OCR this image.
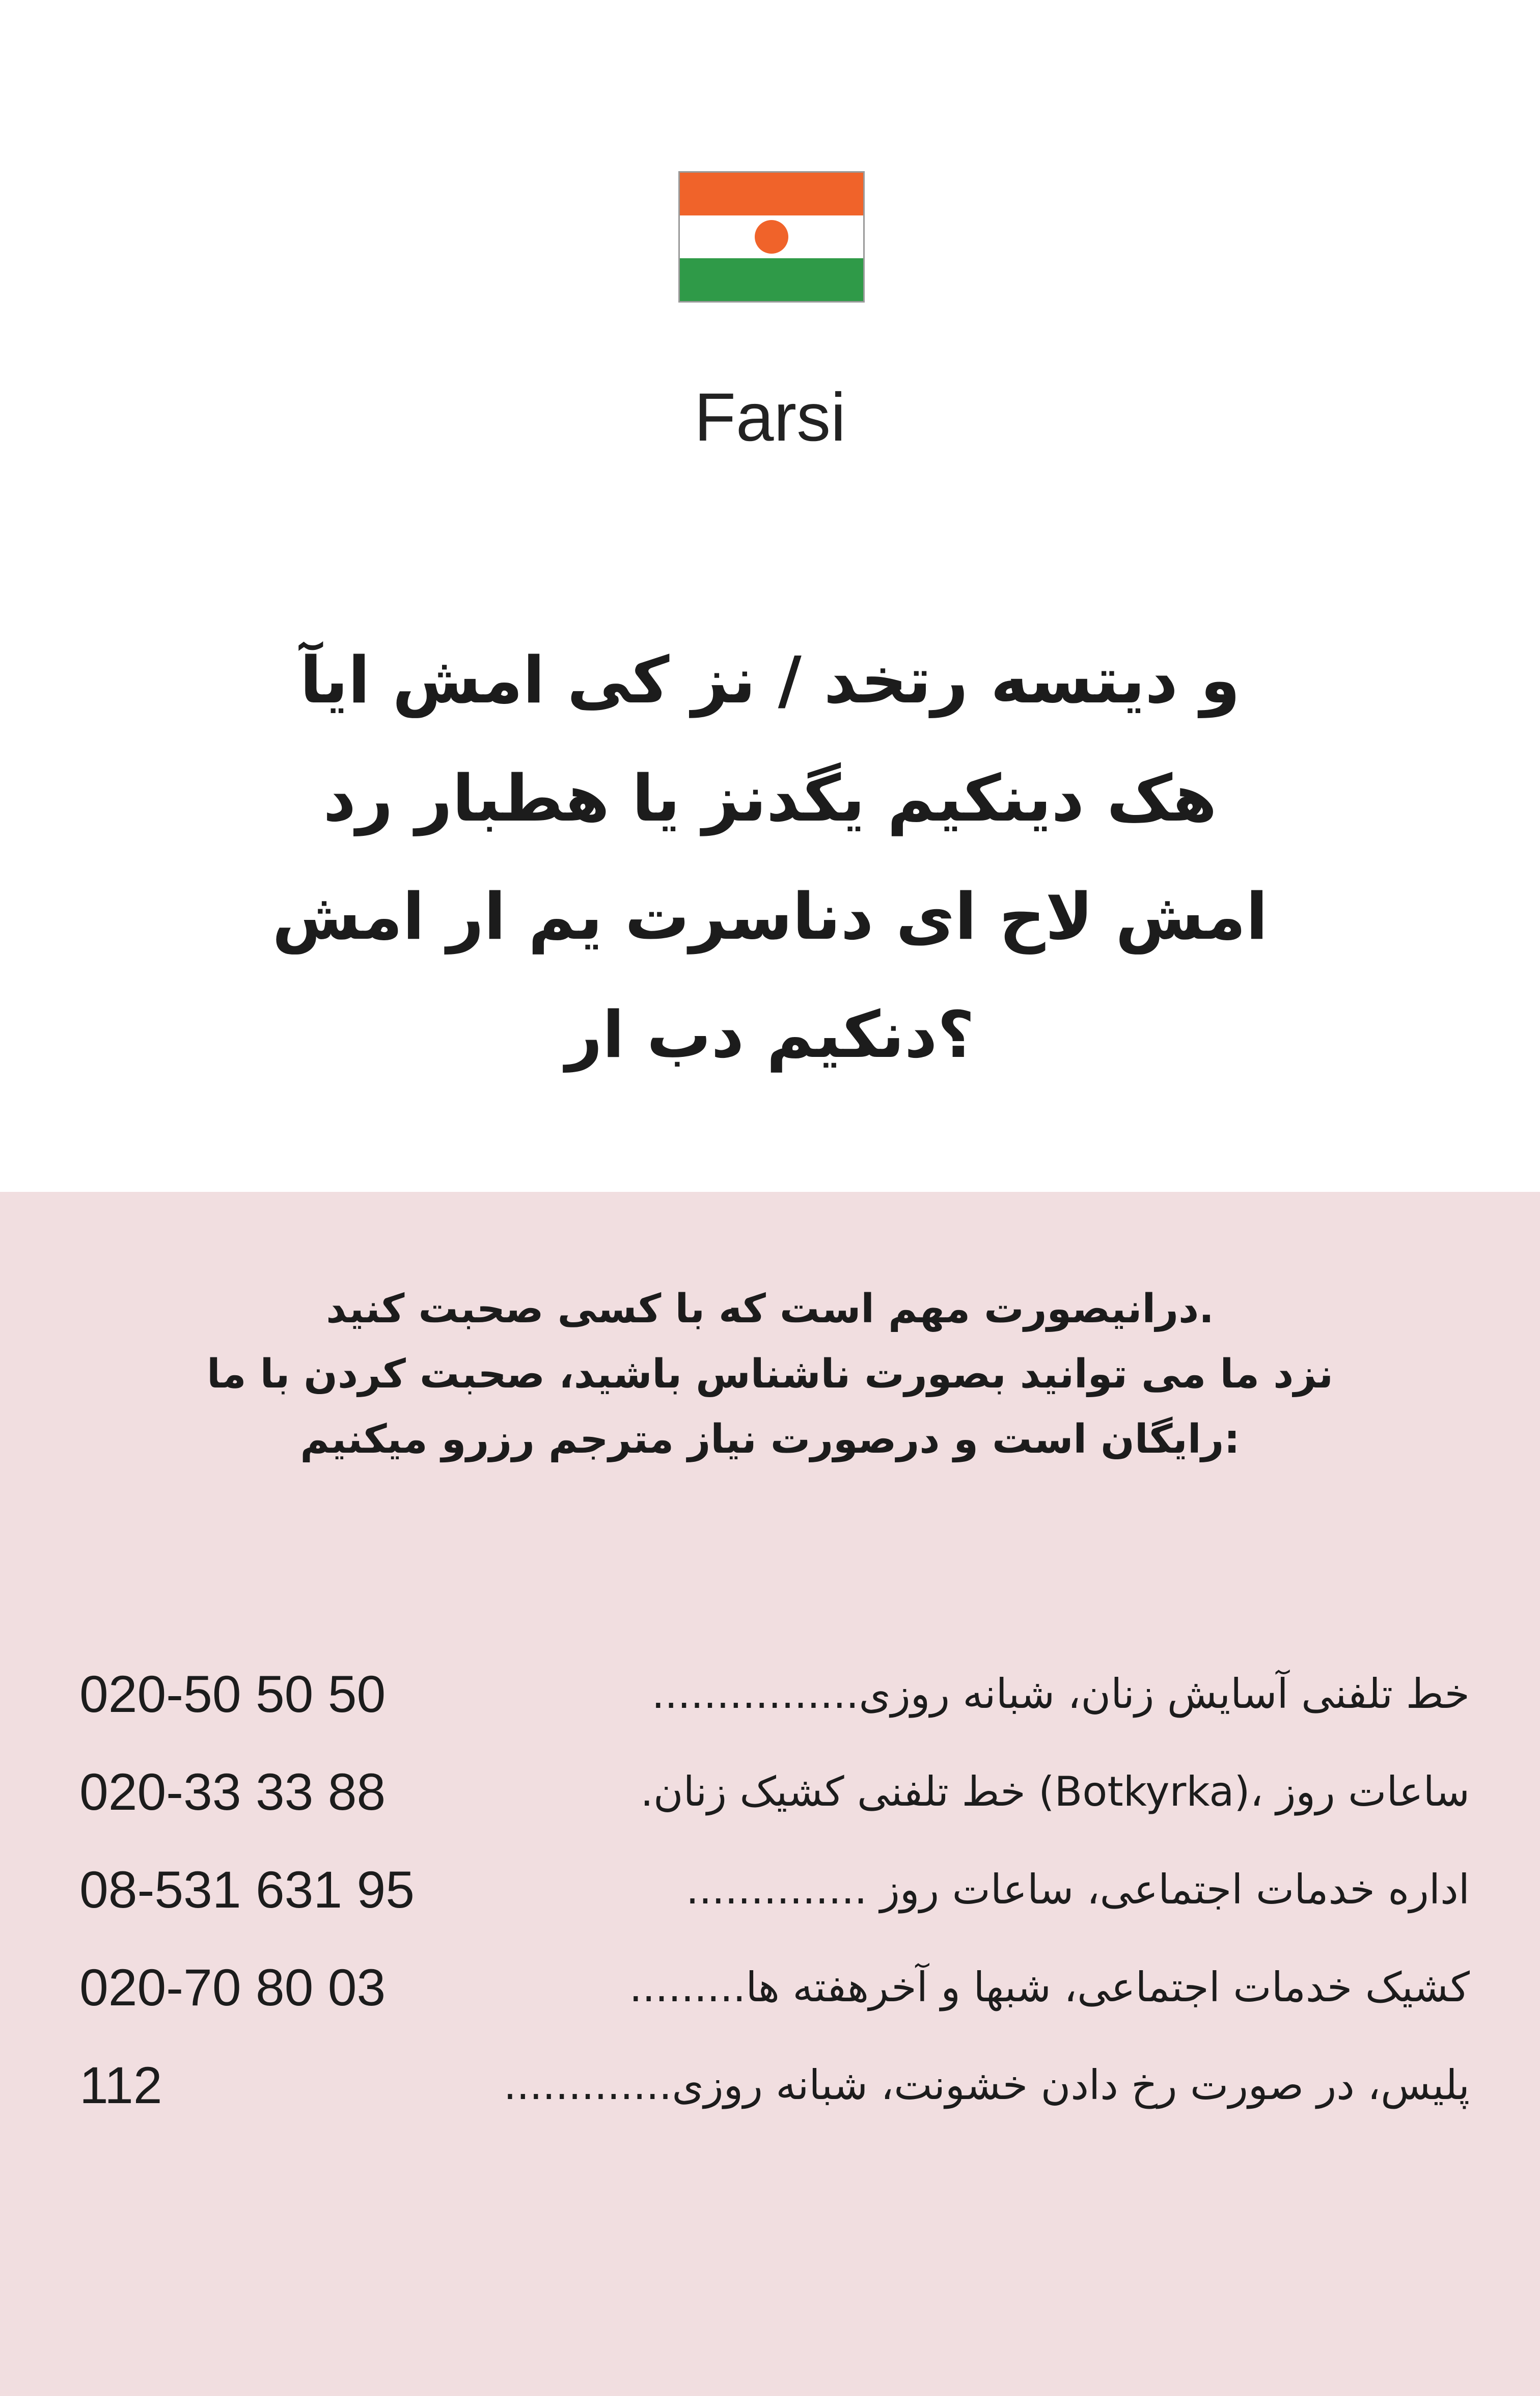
Farsi
و دیتسه رتخد / نز کی امش ایآ
هک دینکیم یگدنز یا هطبار رد
امش لاح ای دناسرت یم ار امش
؟دنکیم دب ار
.درانیصورت مهم است که با کسی صحبت کنید
نزد ما می توانید بصورت ناشناس باشید، صحبت کردن با ما
:رایگان است و درصورت نیاز مترجم رزرو میکنیم
خط تلفنی آسایش زنان، شبانه روزی................
020-50 50 50
ساعات روز ،(Botkyrka) خط تلفنی کشیک زنان.
020-33 33 88
اداره خدمات اجتماعی، ساعات روز ..............
08-531 631 95
کشیک خدمات اجتماعی، شبها و آخرهفته ها.........
020-70 80 03
پلیس، در صورت رخ دادن خشونت، شبانه روزی.............
112
